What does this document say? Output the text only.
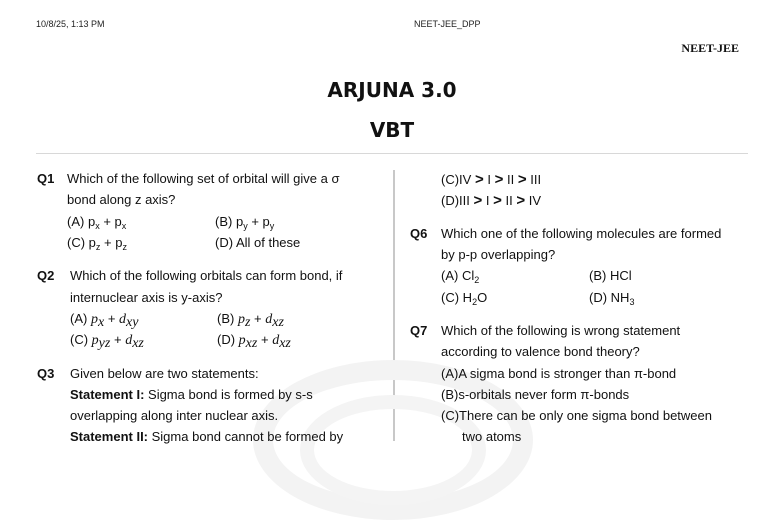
10/8/25, 1:13 PM	NEET-JEE_DPP
NEET-JEE
ARJUNA 3.0
VBT
Q1 Which of the following set of orbital will give a σ
bond along z axis?
(A) $p_x + p_x$	(B) $p_y + p_y$
(C) $p_z + p_z$	(D) All of these
Q2 Which of the following orbitals can form bond, if
internuclear axis is y-axis?
(A) $p_x + d_{xy}$	(B) $p_z + d_{xz}$
(C) $p_{yz} + d_{xz}$	(D) $p_{xz} + d_{xz}$
Q3 Given below are two statements:
Statement I: Sigma bond is formed by s-s
overlapping along inter nuclear axis.
Statement II: Sigma bond cannot be formed by
(C)IV > I > II > III
(D)III > I > II > IV
Q6 Which one of the following molecules are formed
by p-p overlapping?
(A) $Cl_2$	(B) HCl
(C) $H_2O$	(D) $NH_3$
Q7 Which of the following is wrong statement
according to valence bond theory?
(A)A sigma bond is stronger than π-bond
(B)s-orbitals never form π-bonds
(C)There can be only one sigma bond between
two atoms
